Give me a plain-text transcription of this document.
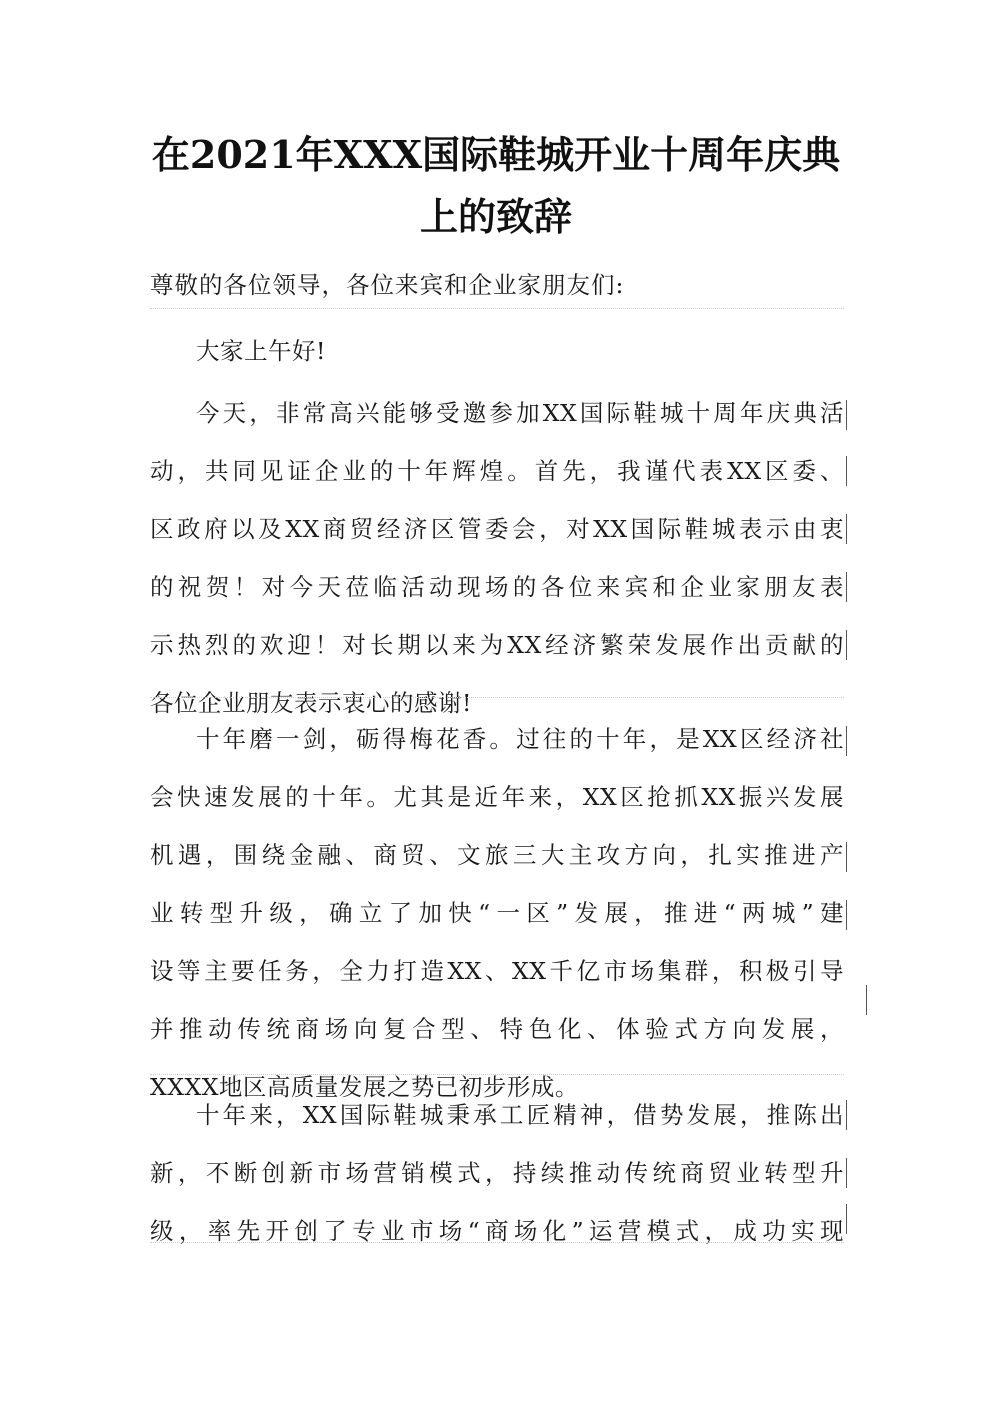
在2021年XXX国际鞋城开业十周年庆典
上的致辞
尊敬的各位领导，各位来宾和企业家朋友们:
大家上午好!
今天，非常高兴能够受邀参加XX国际鞋城十周年庆典活
动，共同见证企业的十年辉煌。首先，我谨代表XX区委、
区政府以及XX商贸经济区管委会，对XX国际鞋城表示由衷
的祝贺！对今天莅临活动现场的各位来宾和企业家朋友表
示热烈的欢迎！对长期以来为XX经济繁荣发展作出贡献的
各位企业朋友表示衷心的感谢!
十年磨一剑，砺得梅花香。过往的十年，是XX区经济社
会快速发展的十年。尤其是近年来，XX区抢抓XX振兴发展
机遇，围绕金融、商贸、文旅三大主攻方向，扎实推进产
业转型升级，确立了加快“一区”发展，推进“两城”建
设等主要任务，全力打造XX、XX千亿市场集群，积极引导
并推动传统商场向复合型、特色化、体验式方向发展，
XXXX地区高质量发展之势已初步形成。
十年来，XX国际鞋城秉承工匠精神，借势发展，推陈出
新，不断创新市场营销模式，持续推动传统商贸业转型升
级，率先开创了专业市场“商场化”运营模式，成功实现
